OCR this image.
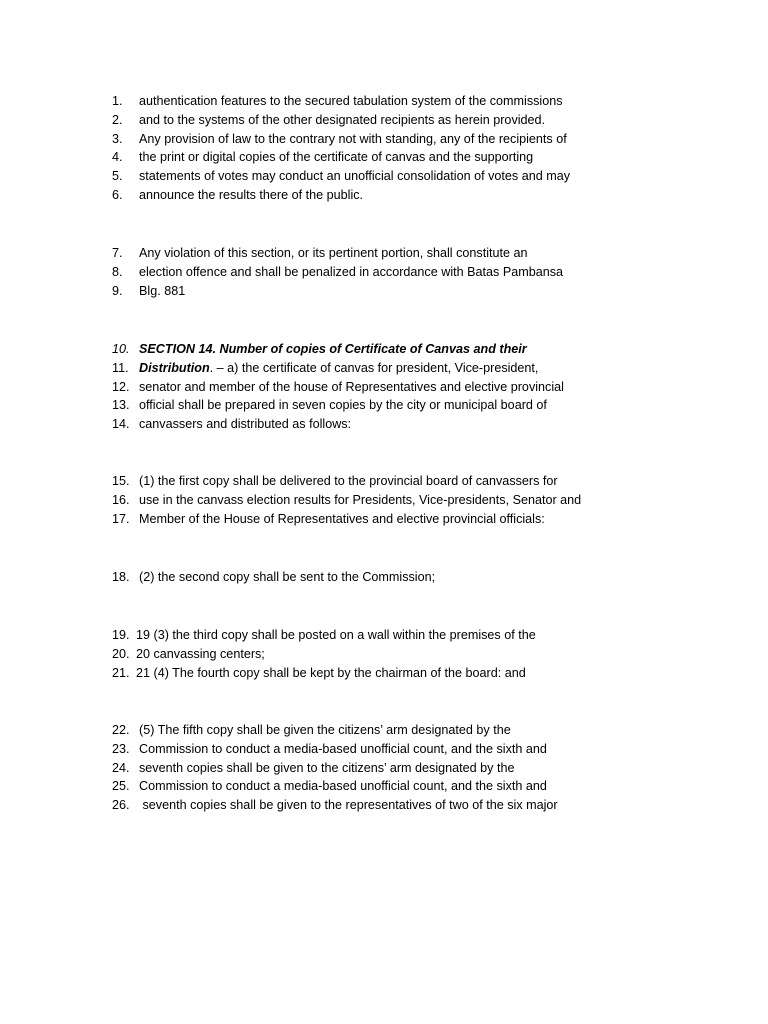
1.	authentication features to the secured tabulation system of the commissions
2.	and to the systems of the other designated recipients as herein provided.
3.	Any provision of law to the contrary not with standing, any of the recipients of
4.	the print or digital copies of the certificate of canvas and the supporting
5.	statements of votes may conduct an unofficial consolidation of votes and may
6.	announce the results there of the public.
7.	Any violation of this section, or its pertinent portion, shall constitute an
8.	election offence and shall be penalized in accordance with Batas Pambansa
9.	Blg. 881
10. SECTION 14. Number of copies of Certificate of Canvas and their
11. Distribution. – a) the certificate of canvas for president, Vice-president,
12. senator and member of the house of Representatives and elective provincial
13. official shall be prepared in seven copies by the city or municipal board of
14. canvassers and distributed as follows:
15. (1) the first copy shall be delivered to the provincial board of canvassers for
16. use in the canvass election results for Presidents, Vice-presidents, Senator and
17. Member of the House of Representatives and elective provincial officials:
18. (2) the second copy shall be sent to the Commission;
19. 19 (3) the third copy shall be posted on a wall within the premises of the
20. 20 canvassing centers;
21. 21 (4) The fourth copy shall be kept by the chairman of the board: and
22. (5) The fifth copy shall be given the citizens’ arm designated by the
23. Commission to conduct a media-based unofficial count, and the sixth and
24. seventh copies shall be given to the citizens’ arm designated by the
25. Commission to conduct a media-based unofficial count, and the sixth and
26. seventh copies shall be given to the representatives of two of the six major
